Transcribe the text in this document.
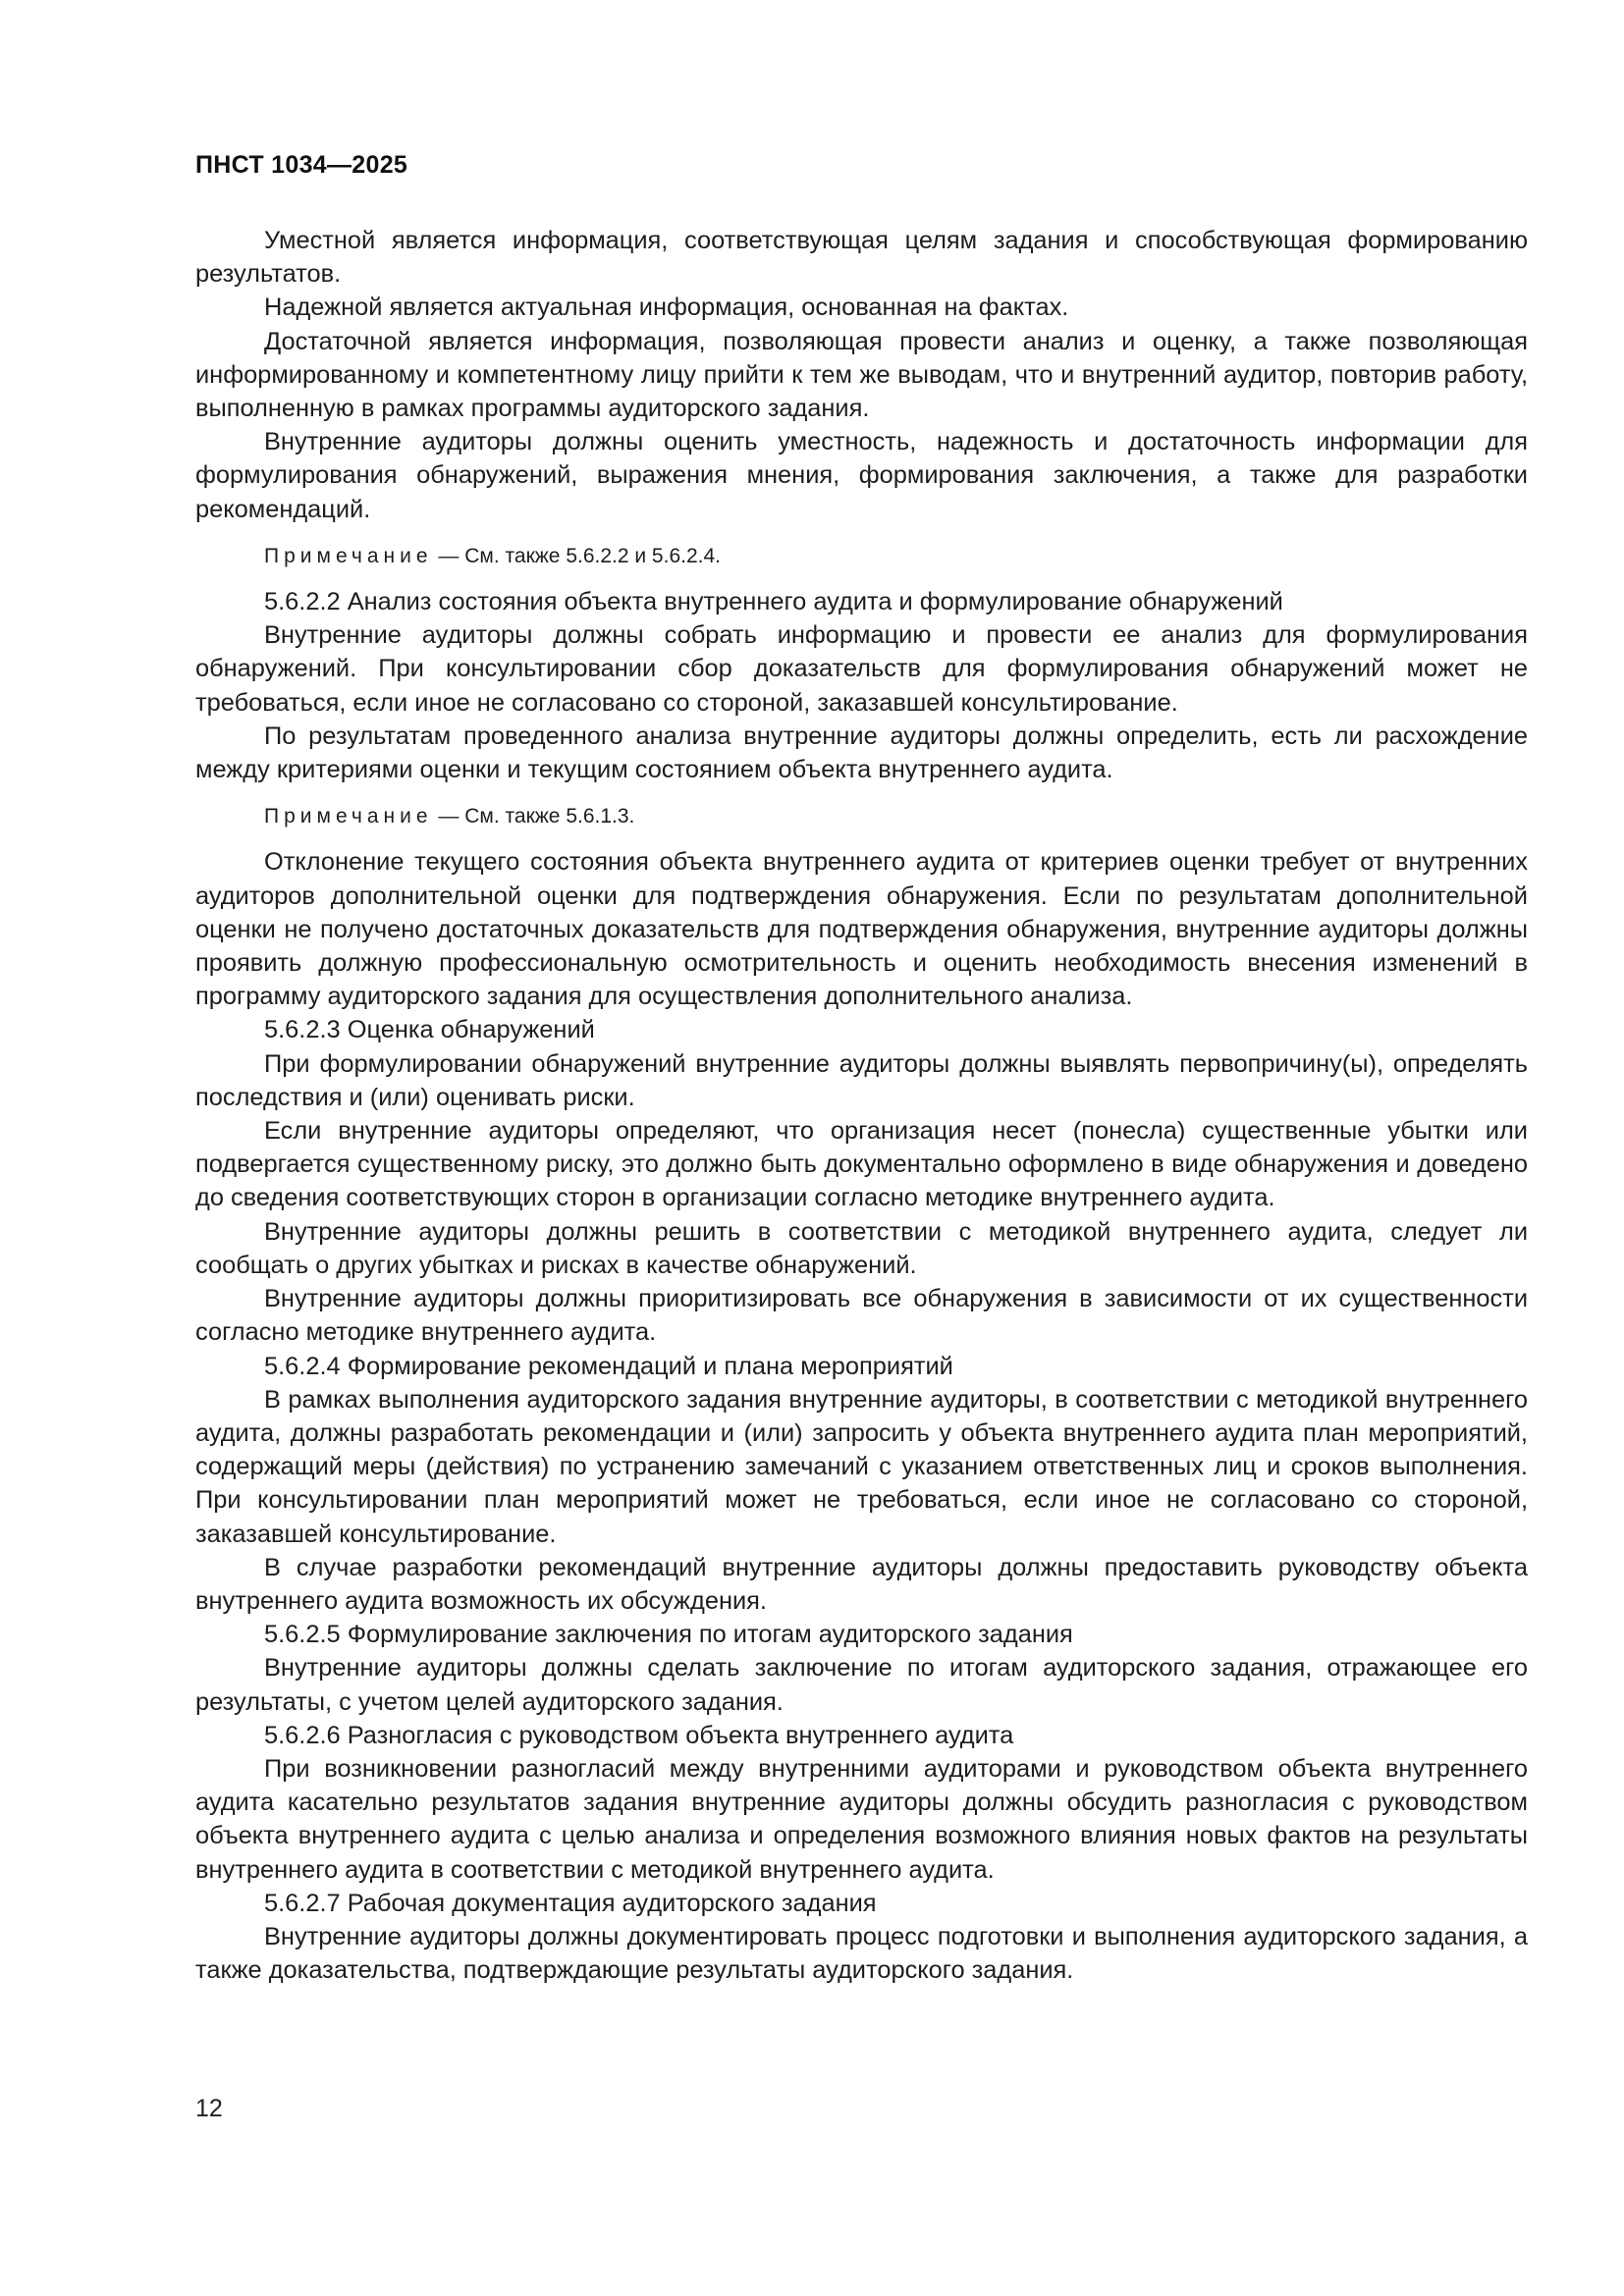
ПНСТ 1034—2025

Уместной является информация, соответствующая целям задания и способствующая формированию результатов.

Надежной является актуальная информация, основанная на фактах.

Достаточной является информация, позволяющая провести анализ и оценку, а также позволяющая информированному и компетентному лицу прийти к тем же выводам, что и внутренний аудитор, повторив работу, выполненную в рамках программы аудиторского задания.

Внутренние аудиторы должны оценить уместность, надежность и достаточность информации для формулирования обнаружений, выражения мнения, формирования заключения, а также для разработки рекомендаций.

Примечание — См. также 5.6.2.2 и 5.6.2.4.

5.6.2.2 Анализ состояния объекта внутреннего аудита и формулирование обнаружений

Внутренние аудиторы должны собрать информацию и провести ее анализ для формулирования обнаружений. При консультировании сбор доказательств для формулирования обнаружений может не требоваться, если иное не согласовано со стороной, заказавшей консультирование.

По результатам проведенного анализа внутренние аудиторы должны определить, есть ли расхождение между критериями оценки и текущим состоянием объекта внутреннего аудита.

Примечание — См. также 5.6.1.3.

Отклонение текущего состояния объекта внутреннего аудита от критериев оценки требует от внутренних аудиторов дополнительной оценки для подтверждения обнаружения. Если по результатам дополнительной оценки не получено достаточных доказательств для подтверждения обнаружения, внутренние аудиторы должны проявить должную профессиональную осмотрительность и оценить необходимость внесения изменений в программу аудиторского задания для осуществления дополнительного анализа.

5.6.2.3 Оценка обнаружений

При формулировании обнаружений внутренние аудиторы должны выявлять первопричину(ы), определять последствия и (или) оценивать риски.

Если внутренние аудиторы определяют, что организация несет (понесла) существенные убытки или подвергается существенному риску, это должно быть документально оформлено в виде обнаружения и доведено до сведения соответствующих сторон в организации согласно методике внутреннего аудита.

Внутренние аудиторы должны решить в соответствии с методикой внутреннего аудита, следует ли сообщать о других убытках и рисках в качестве обнаружений.

Внутренние аудиторы должны приоритизировать все обнаружения в зависимости от их существенности согласно методике внутреннего аудита.

5.6.2.4 Формирование рекомендаций и плана мероприятий

В рамках выполнения аудиторского задания внутренние аудиторы, в соответствии с методикой внутреннего аудита, должны разработать рекомендации и (или) запросить у объекта внутреннего аудита план мероприятий, содержащий меры (действия) по устранению замечаний с указанием ответственных лиц и сроков выполнения. При консультировании план мероприятий может не требоваться, если иное не согласовано со стороной, заказавшей консультирование.

В случае разработки рекомендаций внутренние аудиторы должны предоставить руководству объекта внутреннего аудита возможность их обсуждения.

5.6.2.5 Формулирование заключения по итогам аудиторского задания

Внутренние аудиторы должны сделать заключение по итогам аудиторского задания, отражающее его результаты, с учетом целей аудиторского задания.

5.6.2.6 Разногласия с руководством объекта внутреннего аудита

При возникновении разногласий между внутренними аудиторами и руководством объекта внутреннего аудита касательно результатов задания внутренние аудиторы должны обсудить разногласия с руководством объекта внутреннего аудита с целью анализа и определения возможного влияния новых фактов на результаты внутреннего аудита в соответствии с методикой внутреннего аудита.

5.6.2.7 Рабочая документация аудиторского задания

Внутренние аудиторы должны документировать процесс подготовки и выполнения аудиторского задания, а также доказательства, подтверждающие результаты аудиторского задания.

12
